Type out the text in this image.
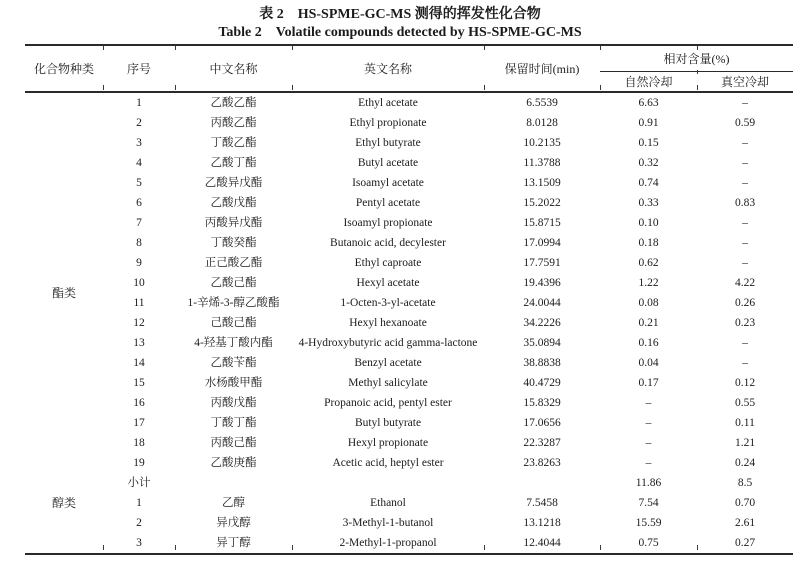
表 2　HS-SPME-GC-MS 测得的挥发性化合物
Table 2　Volatile compounds detected by HS-SPME-GC-MS
化合物种类	序号	中文名称	英文名称	保留时间(min)	相对含量(%)	
					自然冷却	真空冷却
酯类	1	乙酸乙酯	Ethyl acetate	6.5539	6.63	–
	2	丙酸乙酯	Ethyl propionate	8.0128	0.91	0.59
	3	丁酸乙酯	Ethyl butyrate	10.2135	0.15	–
	4	乙酸丁酯	Butyl acetate	11.3788	0.32	–
	5	乙酸异戊酯	Isoamyl acetate	13.1509	0.74	–
	6	乙酸戊酯	Pentyl acetate	15.2022	0.33	0.83
	7	丙酸异戊酯	Isoamyl propionate	15.8715	0.10	–
	8	丁酸癸酯	Butanoic acid, decylester	17.0994	0.18	–
	9	正己酸乙酯	Ethyl caproate	17.7591	0.62	–
	10	乙酸己酯	Hexyl acetate	19.4396	1.22	4.22
	11	1-辛烯-3-醇乙酸酯	1-Octen-3-yl-acetate	24.0044	0.08	0.26
	12	己酸己酯	Hexyl hexanoate	34.2226	0.21	0.23
	13	4-羟基丁酸内酯	4-Hydroxybutyric acid gamma-lactone	35.0894	0.16	–
	14	乙酸苄酯	Benzyl acetate	38.8838	0.04	–
	15	水杨酸甲酯	Methyl salicylate	40.4729	0.17	0.12
	16	丙酸戊酯	Propanoic acid, pentyl ester	15.8329	–	0.55
	17	丁酸丁酯	Butyl butyrate	17.0656	–	0.11
	18	丙酸己酯	Hexyl propionate	22.3287	–	1.21
	19	乙酸庚酯	Acetic acid, heptyl ester	23.8263	–	0.24
	小计				11.86	8.5
醇类	1	乙醇	Ethanol	7.5458	7.54	0.70
	2	异戊醇	3-Methyl-1-butanol	13.1218	15.59	2.61
	3	异丁醇	2-Methyl-1-propanol	12.4044	0.75	0.27
